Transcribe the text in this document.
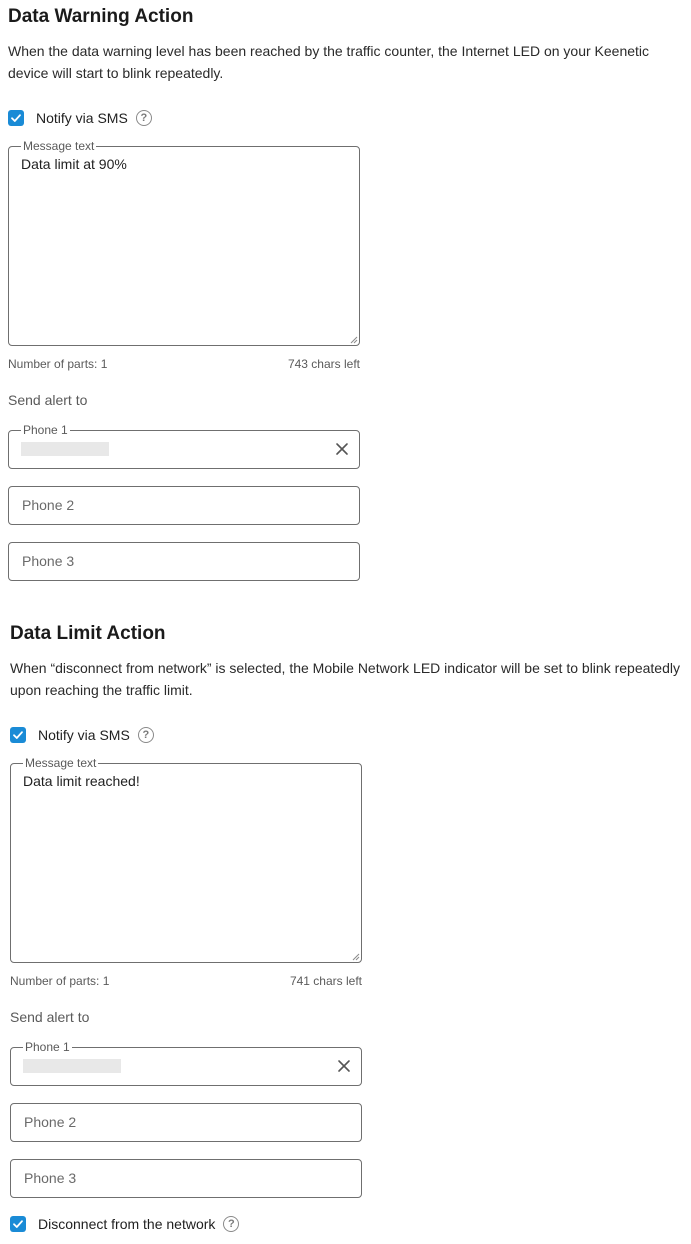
Data Warning Action
When the data warning level has been reached by the traffic counter, the Internet LED on your Keenetic device will start to blink repeatedly.
Notify via SMS	?
Message text
Data limit at 90%
Number of parts: 1	743 chars left
Send alert to
Phone 1
Phone 2
Phone 3
Data Limit Action
When “disconnect from network” is selected, the Mobile Network LED indicator will be set to blink repeatedly upon reaching the traffic limit.
Notify via SMS	?
Message text
Data limit reached!
Number of parts: 1	741 chars left
Send alert to
Phone 1
Phone 2
Phone 3
Disconnect from the network	?
